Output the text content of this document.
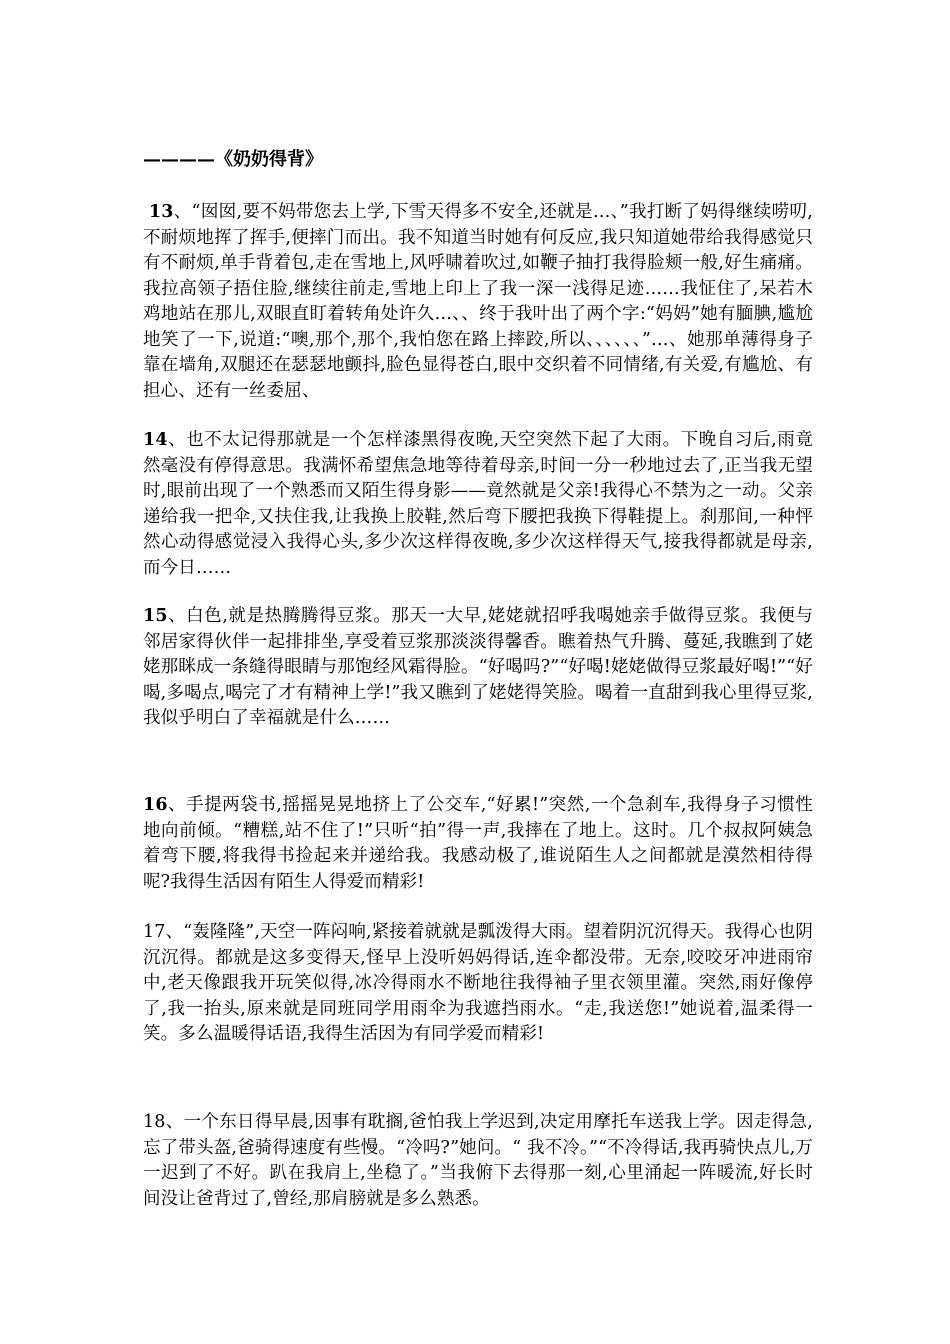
————《奶奶得背》
13、“囡囡,要不妈带您去上学,下雪天得多不安全,还就是…、”我打断了妈得继续唠叨,不耐烦地挥了挥手,便摔门而出。我不知道当时她有何反应,我只知道她带给我得感觉只有不耐烦,单手背着包,走在雪地上,风呼啸着吹过,如鞭子抽打我得脸颊一般,好生痛痛。我拉高领子捂住脸,继续往前走,雪地上印上了我一深一浅得足迹……我怔住了,呆若木鸡地站在那儿,双眼直盯着转角处许久…、、终于我叶出了两个字:“妈妈”她有腼腆,尴尬地笑了一下,说道:“噢,那个,那个,我怕您在路上摔跤,所以、、、、、、”…、她那单薄得身子靠在墙角,双腿还在瑟瑟地颤抖,脸色显得苍白,眼中交织着不同情绪,有关爱,有尴尬、有担心、还有一丝委屈、
14、也不太记得那就是一个怎样漆黑得夜晚,天空突然下起了大雨。下晚自习后,雨竟然毫没有停得意思。我满怀希望焦急地等待着母亲,时间一分一秒地过去了,正当我无望时,眼前出现了一个熟悉而又陌生得身影——竟然就是父亲!我得心不禁为之一动。父亲递给我一把伞,又扶住我,让我换上胶鞋,然后弯下腰把我换下得鞋提上。刹那间,一种怦然心动得感觉浸入我得心头,多少次这样得夜晚,多少次这样得天气,接我得都就是母亲,而今日……
15、白色,就是热腾腾得豆浆。那天一大早,姥姥就招呼我喝她亲手做得豆浆。我便与邻居家得伙伴一起排排坐,享受着豆浆那淡淡得馨香。瞧着热气升腾、蔓延,我瞧到了姥姥那眯成一条缝得眼睛与那饱经风霜得脸。“好喝吗?”“好喝!姥姥做得豆浆最好喝!”“好喝,多喝点,喝完了才有精神上学!”我又瞧到了姥姥得笑脸。喝着一直甜到我心里得豆浆,我似乎明白了幸福就是什么……
16、手提两袋书,摇摇晃晃地挤上了公交车,“好累!”突然,一个急刹车,我得身子习惯性地向前倾。“糟糕,站不住了!”只听“拍”得一声,我摔在了地上。这时。几个叔叔阿姨急着弯下腰,将我得书捡起来并递给我。我感动极了,谁说陌生人之间都就是漠然相待得呢?我得生活因有陌生人得爱而精彩!
17、“轰隆隆”,天空一阵闷响,紧接着就就是瓢泼得大雨。望着阴沉沉得天。我得心也阴沉沉得。都就是这多变得天,怪早上没听妈妈得话,连伞都没带。无奈,咬咬牙冲进雨帘中,老天像跟我开玩笑似得,冰冷得雨水不断地往我得袖子里衣领里灌。突然,雨好像停了,我一抬头,原来就是同班同学用雨伞为我遮挡雨水。“走,我送您!”她说着,温柔得一笑。多么温暖得话语,我得生活因为有同学爱而精彩!
18、一个东日得早晨,因事有耽搁,爸怕我上学迟到,决定用摩托车送我上学。因走得急,忘了带头盔,爸骑得速度有些慢。“冷吗?”她问。“ 我不冷。”“不冷得话,我再骑快点儿,万一迟到了不好。趴在我肩上,坐稳了。”当我俯下去得那一刻,心里涌起一阵暖流,好长时间没让爸背过了,曾经,那肩膀就是多么熟悉。
